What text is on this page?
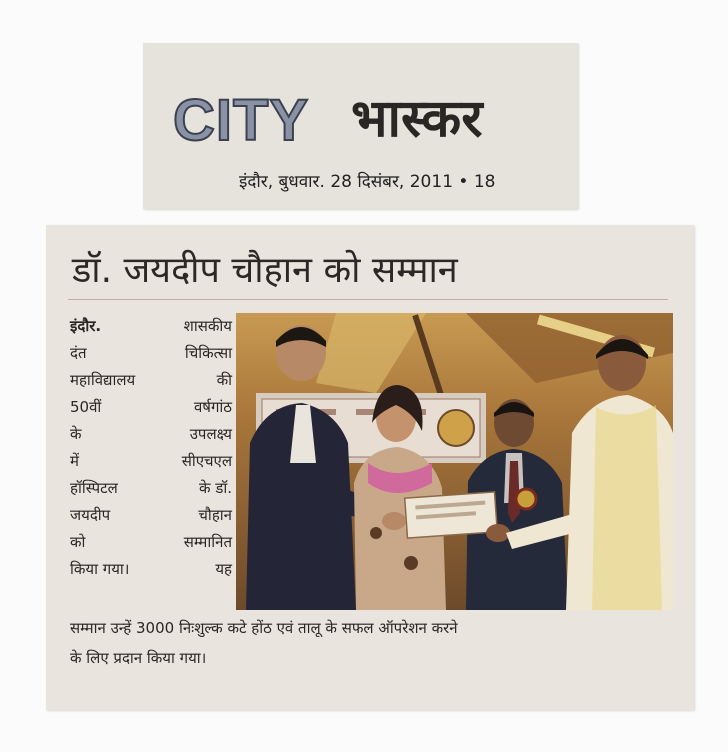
CITY भास्कर
इंदौर, बुधवार. 28 दिसंबर, 2011 • 18
डॉ. जयदीप चौहान को सम्मान
इंदौर.	शासकीय
दंत	चिकित्सा
महाविद्यालय	की
50वीं	वर्षगांठ
के	उपलक्ष्य
में	सीएचएल
हॉस्पिटल	के डॉ.
जयदीप	चौहान
को	सम्मानित
किया गया।	यह
सम्मान उन्हें 3000 निःशुल्क कटे होंठ एवं तालू के सफल ऑपरेशन करने
के लिए प्रदान किया गया।
